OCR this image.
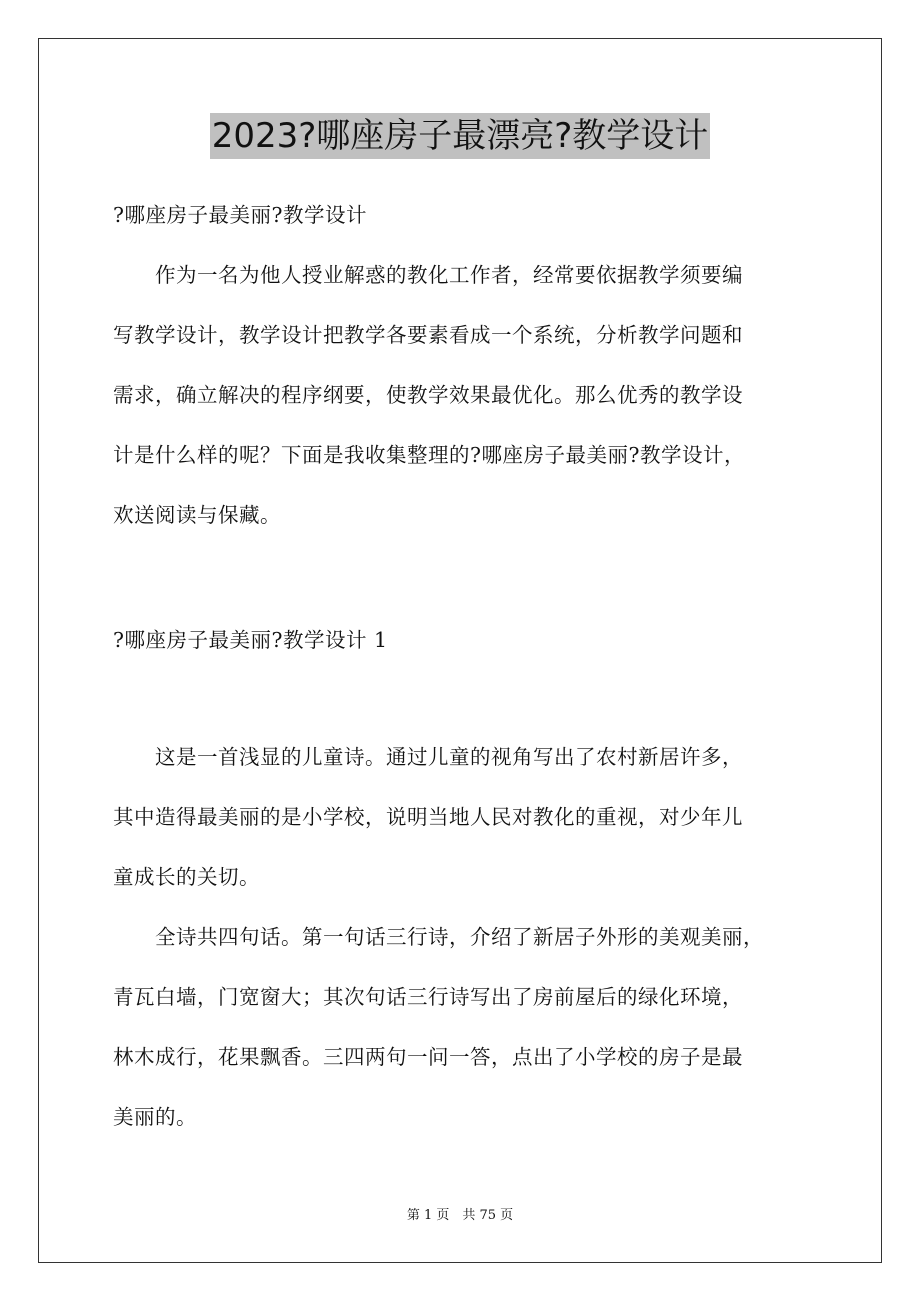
2023?哪座房子最漂亮?教学设计
?哪座房子最美丽?教学设计
　　作为一名为他人授业解惑的教化工作者，经常要依据教学须要编
写教学设计，教学设计把教学各要素看成一个系统，分析教学问题和
需求，确立解决的程序纲要，使教学效果最优化。那么优秀的教学设
计是什么样的呢？下面是我收集整理的?哪座房子最美丽?教学设计，
欢送阅读与保藏。
?哪座房子最美丽?教学设计 1
　　这是一首浅显的儿童诗。通过儿童的视角写出了农村新居许多，
其中造得最美丽的是小学校，说明当地人民对教化的重视，对少年儿
童成长的关切。
　　全诗共四句话。第一句话三行诗，介绍了新居子外形的美观美丽，
青瓦白墙，门宽窗大；其次句话三行诗写出了房前屋后的绿化环境，
林木成行，花果飘香。三四两句一问一答，点出了小学校的房子是最
美丽的。
第 1 页　共 75 页
